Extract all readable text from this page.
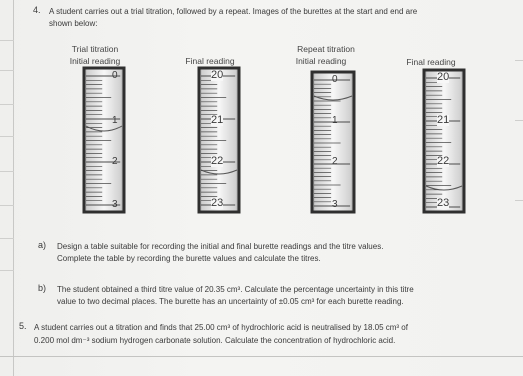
4. A student carries out a trial titration, followed by a repeat. Images of the burettes at the start and end are
shown below:
Trial titration
Initial reading	Final reading
Repeat titration
Initial reading	Final reading
0
1
2
3
20
21
22
23
0
1
2
3
20
21
22
23
a) Design a table suitable for recording the initial and final burette readings and the titre values.
Complete the table by recording the burette values and calculate the titres.
b) The student obtained a third titre value of 20.35 cm³. Calculate the percentage uncertainty in this titre
value to two decimal places. The burette has an uncertainty of ±0.05 cm³ for each burette reading.
5. A student carries out a titration and finds that 25.00 cm³ of hydrochloric acid is neutralised by 18.05 cm³ of
0.200 mol dm⁻³ sodium hydrogen carbonate solution. Calculate the concentration of hydrochloric acid.
